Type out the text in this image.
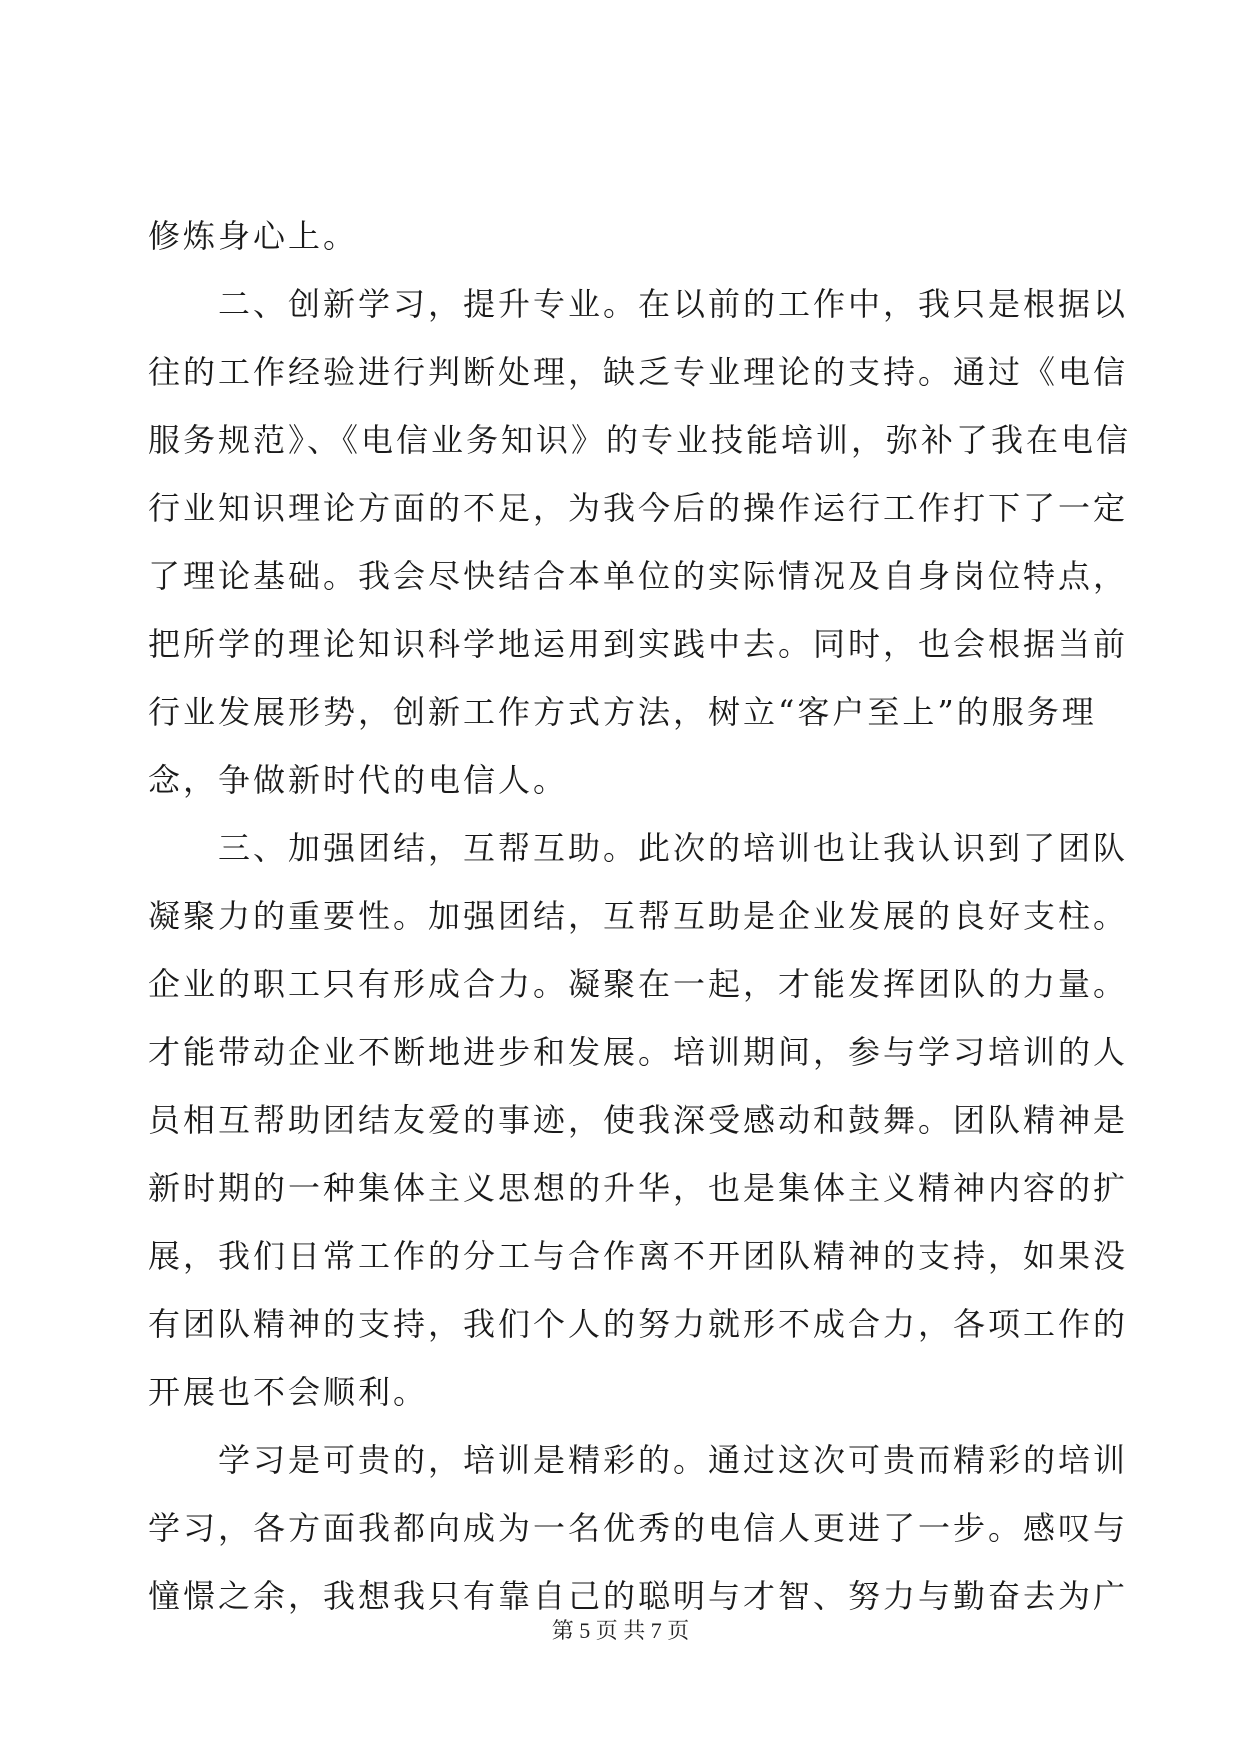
修炼身心上。
　　二、创新学习，提升专业。在以前的工作中，我只是根据以
往的工作经验进行判断处理，缺乏专业理论的支持。通过《电信
服务规范》、《电信业务知识》的专业技能培训，弥补了我在电信
行业知识理论方面的不足，为我今后的操作运行工作打下了一定
了理论基础。我会尽快结合本单位的实际情况及自身岗位特点，
把所学的理论知识科学地运用到实践中去。同时，也会根据当前
行业发展形势，创新工作方式方法，树立“客户至上”的服务理
念，争做新时代的电信人。
　　三、加强团结，互帮互助。此次的培训也让我认识到了团队
凝聚力的重要性。加强团结，互帮互助是企业发展的良好支柱。
企业的职工只有形成合力。凝聚在一起，才能发挥团队的力量。
才能带动企业不断地进步和发展。培训期间，参与学习培训的人
员相互帮助团结友爱的事迹，使我深受感动和鼓舞。团队精神是
新时期的一种集体主义思想的升华，也是集体主义精神内容的扩
展，我们日常工作的分工与合作离不开团队精神的支持，如果没
有团队精神的支持，我们个人的努力就形不成合力，各项工作的
开展也不会顺利。
　　学习是可贵的，培训是精彩的。通过这次可贵而精彩的培训
学习，各方面我都向成为一名优秀的电信人更进了一步。感叹与
憧憬之余，我想我只有靠自己的聪明与才智、努力与勤奋去为广
第 5 页 共 7 页
